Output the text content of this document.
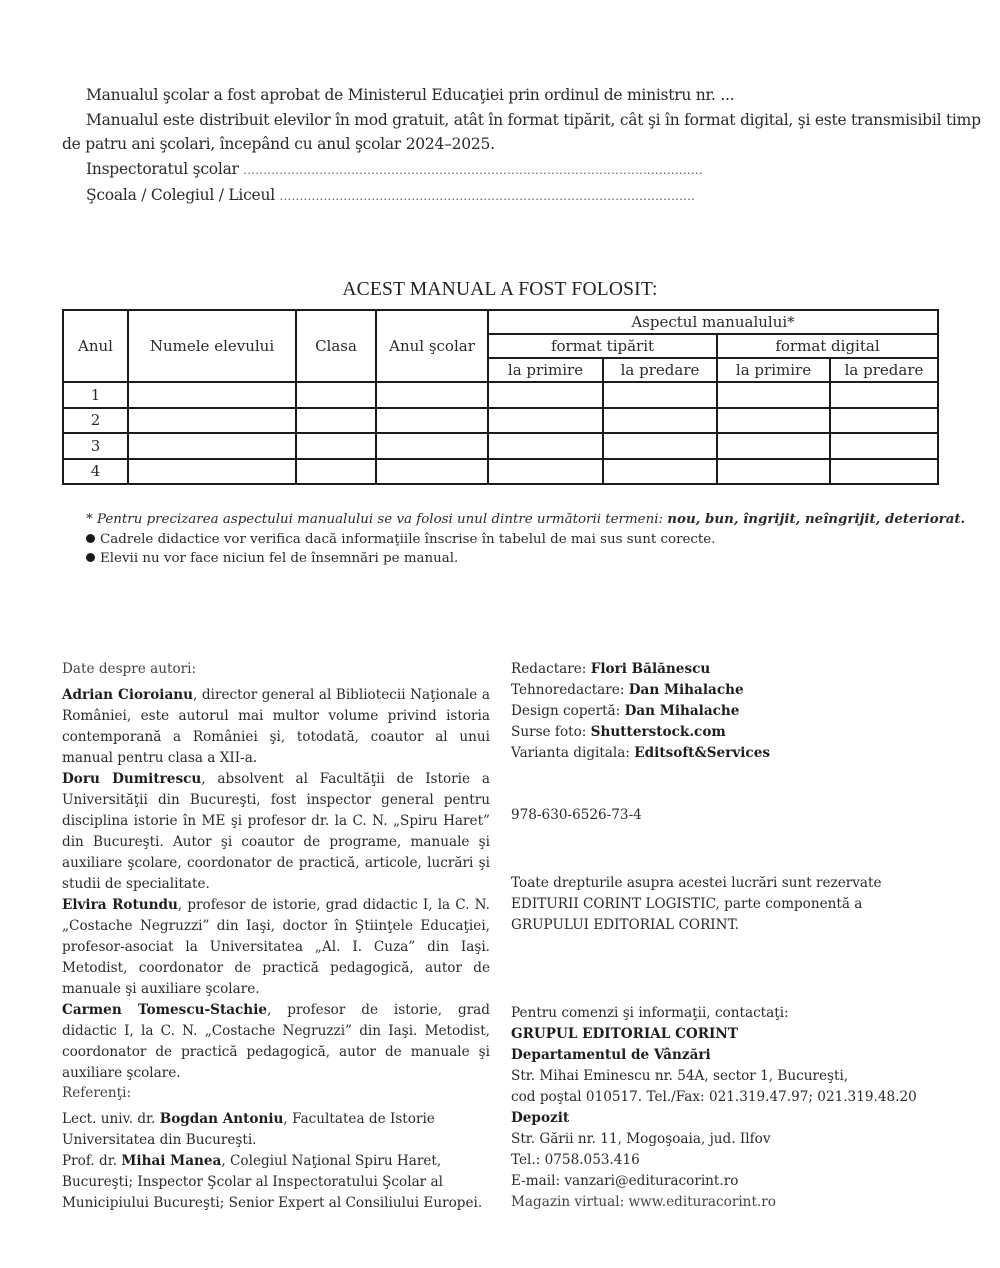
Manualul şcolar a fost aprobat de Ministerul Educaţiei prin ordinul de ministru nr. ...
Manualul este distribuit elevilor în mod gratuit, atât în format tipărit, cât şi în format digital, şi este transmisibil timp
de patru ani şcolari, începând cu anul şcolar 2024–2025.
Inspectoratul şcolar ...................................................................................................................
Şcoala / Colegiul / Liceul ........................................................................................................
ACEST MANUAL A FOST FOLOSIT:
Anul	Numele elevului	Clasa	Anul şcolar	Aspectul manualului*			
				format tipărit		format digital	
				la primire	la predare	la primire	la predare
1							
2							
3							
4							
* Pentru precizarea aspectului manualului se va folosi unul dintre următorii termeni: nou, bun, îngrijit, neîngrijit, deteriorat.
Cadrele didactice vor verifica dacă informaţiile înscrise în tabelul de mai sus sunt corecte.
Elevii nu vor face niciun fel de însemnări pe manual.
Date despre autori:
Adrian Cioroianu, director general al Bibliotecii Naţionale a României, este autorul mai multor volume privind istoria contemporană a României şi, totodată, coautor al unui manual pentru clasa a XII-a.
Doru Dumitrescu, absolvent al Facultăţii de Istorie a Universităţii din Bucureşti, fost inspector general pentru disciplina istorie în ME şi profesor dr. la C. N. „Spiru Haret” din Bucureşti. Autor şi coautor de programe, manuale şi auxiliare şcolare, coordonator de practică, articole, lucrări şi studii de specialitate.
Elvira Rotundu, profesor de istorie, grad didactic I, la C. N. „Costache Negruzzi” din Iaşi, doctor în Ştiinţele Educaţiei, profesor-asociat la Universitatea „Al. I. Cuza” din Iaşi. Metodist, coordonator de practică pedagogică, autor de manuale şi auxiliare şcolare.
Carmen Tomescu-Stachie, profesor de istorie, grad didactic I, la C. N. „Costache Negruzzi” din Iaşi. Metodist, coordonator de practică pedagogică, autor de manuale şi auxiliare şcolare.
Referenţi:
Lect. univ. dr. Bogdan Antoniu, Facultatea de Istorie Universitatea din Bucureşti.
Prof. dr. Mihai Manea, Colegiul Naţional Spiru Haret, Bucureşti; Inspector Şcolar al Inspectoratului Şcolar al Municipiului Bucureşti; Senior Expert al Consiliului Europei.
Redactare: Flori Bălănescu
Tehnoredactare: Dan Mihalache
Design copertă: Dan Mihalache
Surse foto: Shutterstock.com
Varianta digitala: Editsoft&Services
978-630-6526-73-4
Toate drepturile asupra acestei lucrări sunt rezervate
EDITURII CORINT LOGISTIC, parte componentă a
GRUPULUI EDITORIAL CORINT.
Pentru comenzi şi informaţii, contactaţi:
GRUPUL EDITORIAL CORINT
Departamentul de Vânzări
Str. Mihai Eminescu nr. 54A, sector 1, Bucureşti,
cod poştal 010517. Tel./Fax: 021.319.47.97; 021.319.48.20
Depozit
Str. Gării nr. 11, Mogoşoaia, jud. Ilfov
Tel.: 0758.053.416
E-mail: vanzari@edituracorint.ro
Magazin virtual: www.edituracorint.ro
